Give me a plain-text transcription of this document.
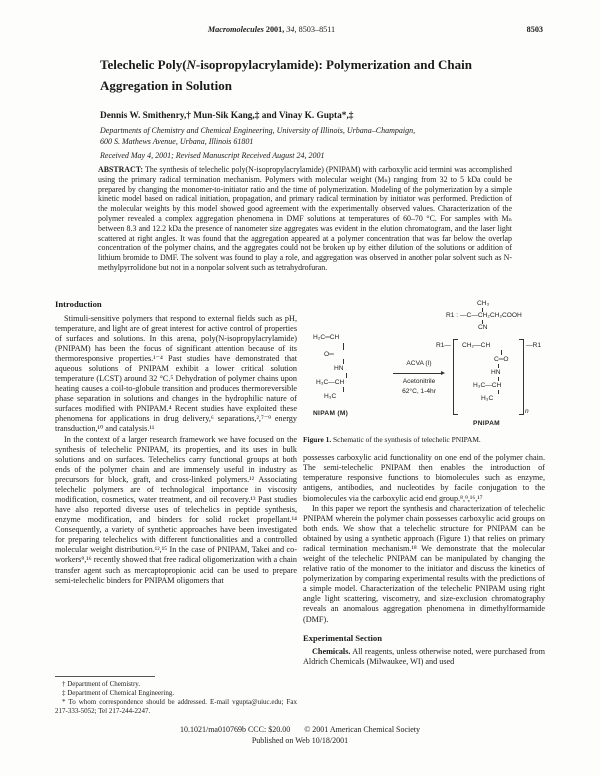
Macromolecules 2001, 34, 8503–8511	8503
Telechelic Poly(N-isopropylacrylamide): Polymerization and Chain
Aggregation in Solution
Dennis W. Smithenry,† Mun-Sik Kang,‡ and Vinay K. Gupta*,‡
Departments of Chemistry and Chemical Engineering, University of Illinois, Urbana–Champaign,
600 S. Mathews Avenue, Urbana, Illinois 61801
Received May 4, 2001; Revised Manuscript Received August 24, 2001
ABSTRACT: The synthesis of telechelic poly(N-isopropylacrylamide) (PNIPAM) with carboxylic acid termini was accomplished using the primary radical termination mechanism. Polymers with molecular weight (Mₙ) ranging from 32 to 5 kDa could be prepared by changing the monomer-to-initiator ratio and the time of polymerization. Modeling of the polymerization by a simple kinetic model based on radical initiation, propagation, and primary radical termination by initiator was performed. Prediction of the molecular weights by this model showed good agreement with the experimentally observed values. Characterization of the polymer revealed a complex aggregation phenomena in DMF solutions at temperatures of 60–70 °C. For samples with Mₙ between 8.3 and 12.2 kDa the presence of nanometer size aggregates was evident in the elution chromatogram, and the laser light scattered at right angles. It was found that the aggregation appeared at a polymer concentration that was far below the overlap concentration of the polymer chains, and the aggregates could not be broken up by either dilution of the solutions or addition of lithium bromide to DMF. The solvent was found to play a role, and aggregation was observed in another polar solvent such as N-methylpyrrolidone but not in a nonpolar solvent such as tetrahydrofuran.
Introduction

Stimuli-sensitive polymers that respond to external fields such as pH, temperature, and light are of great interest for active control of properties of surfaces and solutions. In this arena, poly(N-isopropylacrylamide) (PNIPAM) has been the focus of significant attention because of its thermoresponsive properties.¹⁻⁴ Past studies have demonstrated that aqueous solutions of PNIPAM exhibit a lower critical solution temperature (LCST) around 32 °C.⁵ Dehydration of polymer chains upon heating causes a coil-to-globule transition and produces thermoreversible phase separation in solutions and changes in the hydrophilic nature of surfaces modified with PNIPAM.⁴ Recent studies have exploited these phenomena for applications in drug delivery,⁶ separations,²,⁷⁻⁹ energy transduction,¹⁰ and catalysis.¹¹

In the context of a larger research framework we have focused on the synthesis of telechelic PNIPAM, its properties, and its uses in bulk solutions and on surfaces. Telechelics carry functional groups at both ends of the polymer chain and are immensely useful in industry as precursors for block, graft, and cross-linked polymers.¹² Associating telechelic polymers are of technological importance in viscosity modification, cosmetics, water treatment, and oil recovery.¹³ Past studies have also reported diverse uses of telechelics in peptide synthesis, enzyme modification, and binders for solid rocket propellant.¹⁴ Consequently, a variety of synthetic approaches have been investigated for preparing telechelics with different functionalities and a controlled molecular weight distribution.¹²,¹⁵ In the case of PNIPAM, Takei and co-workers⁹,¹⁶ recently showed that free radical oligomerization with a chain transfer agent such as mercaptopropionic acid can be used to prepare semi-telechelic binders for PNIPAM oligomers that

H₂C═CH
O═
HN
H₃C—CH
H₃C
NIPAM (M)
ACVA (I)
Acetonitrile
62°C, 1-4hr
CH₃
R1 : —C—CH₂CH₂COOH
CN
R1— CH₂—CH	—R1
C═O
HN
H₃C—CH
H₃C
n
PNIPAM
Figure 1. Schematic of the synthesis of telechelic PNIPAM.

possesses carboxylic acid functionality on one end of the polymer chain. The semi-telechelic PNIPAM then enables the introduction of temperature responsive functions to biomolecules such as enzyme, antigens, antibodies, and nucleotides by facile conjugation to the biomolecules via the carboxylic acid end group.⁸,⁹,¹⁶,¹⁷

In this paper we report the synthesis and characterization of telechelic PNIPAM wherein the polymer chain possesses carboxylic acid groups on both ends. We show that a telechelic structure for PNIPAM can be obtained by using a synthetic approach (Figure 1) that relies on primary radical termination mechanism.¹⁸ We demonstrate that the molecular weight of the telechelic PNIPAM can be manipulated by changing the relative ratio of the monomer to the initiator and discuss the kinetics of polymerization by comparing experimental results with the predictions of a simple model. Characterization of the telechelic PNIPAM using right angle light scattering, viscometry, and size-exclusion chromatography reveals an anomalous aggregation phenomena in dimethylformamide (DMF).

Experimental Section

Chemicals. All reagents, unless otherwise noted, were purchased from Aldrich Chemicals (Milwaukee, WI) and used

† Department of Chemistry.

‡ Department of Chemical Engineering.

* To whom correspondence should be addressed. E-mail vgupta@uiuc.edu; Fax 217-333-5052; Tel 217-244-2247.

10.1021/ma010769b CCC: $20.00 © 2001 American Chemical Society
Published on Web 10/18/2001
